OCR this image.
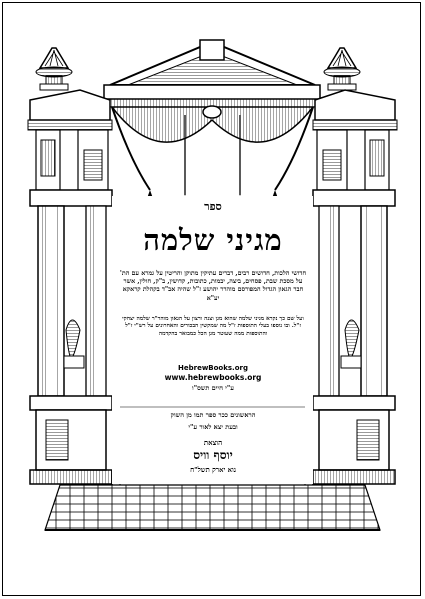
ספר
מגיני שלמה
חדושי הלכות, חדושים רבים, דברים עתיקין מתוקן והריטין על גמרא עם הת' על מסכת שבת, פסחים, ביצה, יבמות, כתובות, קדושין, ב"ק, חולין, אשר חבר הגאון הגדול המפורסם מוהרר יהושע ז"ל שהיה אב"ד בקהלת קראקא יע"א
ועל שם כך נקרא מגיני שלמה שהוא מגן וצנה ורצון על הגאון מוהר"ר שלמה יצחקי ז"ל. ובו נוספו בעלי התוספות ז"ל מה שמקשין הבכורים והאחרונים על רש"י ז"ל והתוספות ממה שעוטר מגן הכל כמבואר בהקדמה
HebrewBooks.org
www.hebrewbooks.org
ע"י חיים תשס"ו
הראשונים ככר ספר תמו מן השוק
ובעת יצא לאור ע"י
הוצאת
יוסף וויס
נוא יארק תשל"ח
